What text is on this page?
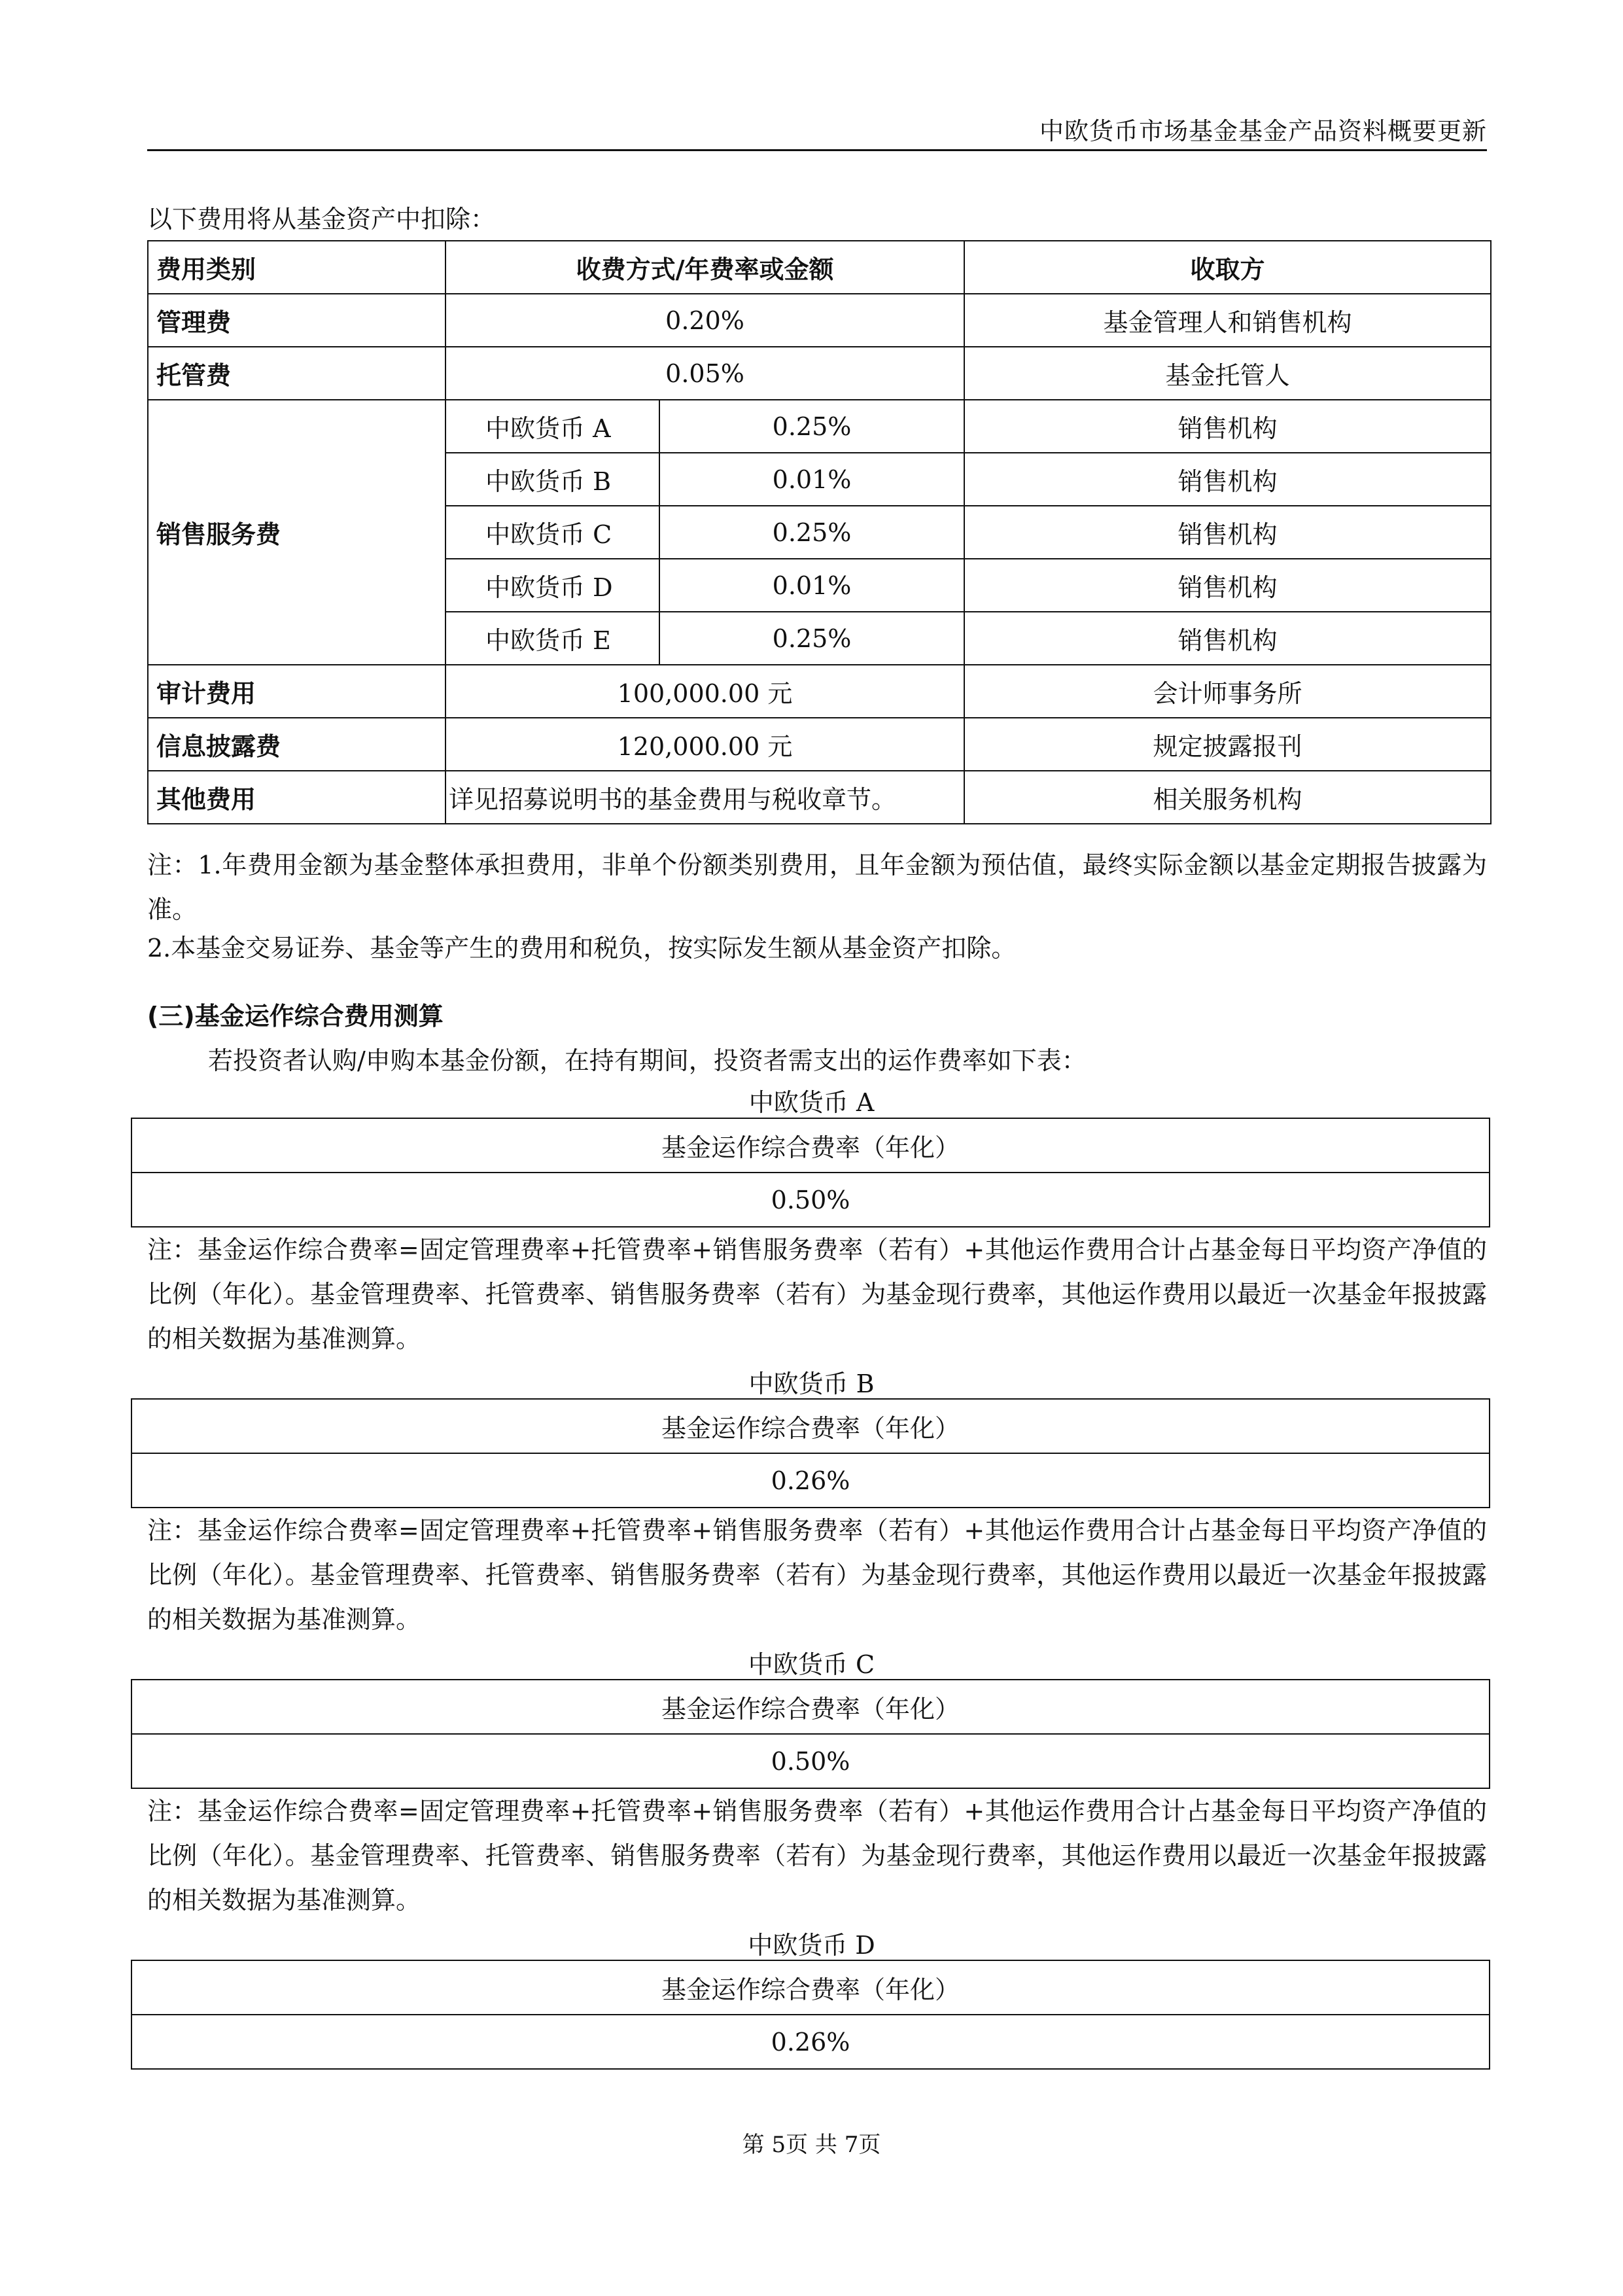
中欧货币市场基金基金产品资料概要更新
以下费用将从基金资产中扣除：
费用类别	收费方式/年费率或金额		收取方
管理费	0.20%		基金管理人和销售机构
托管费	0.05%		基金托管人
销售服务费	中欧货币 A	0.25%	销售机构
	中欧货币 B	0.01%	销售机构
	中欧货币 C	0.25%	销售机构
	中欧货币 D	0.01%	销售机构
	中欧货币 E	0.25%	销售机构
审计费用	100,000.00 元		会计师事务所
信息披露费	120,000.00 元		规定披露报刊
其他费用	详见招募说明书的基金费用与税收章节。		相关服务机构
注：1.年费用金额为基金整体承担费用，非单个份额类别费用，且年金额为预估值，最终实际金额以基金定期报告披露为准。
2.本基金交易证券、基金等产生的费用和税负，按实际发生额从基金资产扣除。
(三)基金运作综合费用测算
若投资者认购/申购本基金份额，在持有期间，投资者需支出的运作费率如下表：
中欧货币 A
基金运作综合费率（年化）
0.50%
注：基金运作综合费率=固定管理费率+托管费率+销售服务费率（若有）+其他运作费用合计占基金每日平均资产净值的比例（年化）。基金管理费率、托管费率、销售服务费率（若有）为基金现行费率，其他运作费用以最近一次基金年报披露的相关数据为基准测算。
中欧货币 B
基金运作综合费率（年化）
0.26%
注：基金运作综合费率=固定管理费率+托管费率+销售服务费率（若有）+其他运作费用合计占基金每日平均资产净值的比例（年化）。基金管理费率、托管费率、销售服务费率（若有）为基金现行费率，其他运作费用以最近一次基金年报披露的相关数据为基准测算。
中欧货币 C
基金运作综合费率（年化）
0.50%
注：基金运作综合费率=固定管理费率+托管费率+销售服务费率（若有）+其他运作费用合计占基金每日平均资产净值的比例（年化）。基金管理费率、托管费率、销售服务费率（若有）为基金现行费率，其他运作费用以最近一次基金年报披露的相关数据为基准测算。
中欧货币 D
基金运作综合费率（年化）
0.26%
第 5页 共 7页
